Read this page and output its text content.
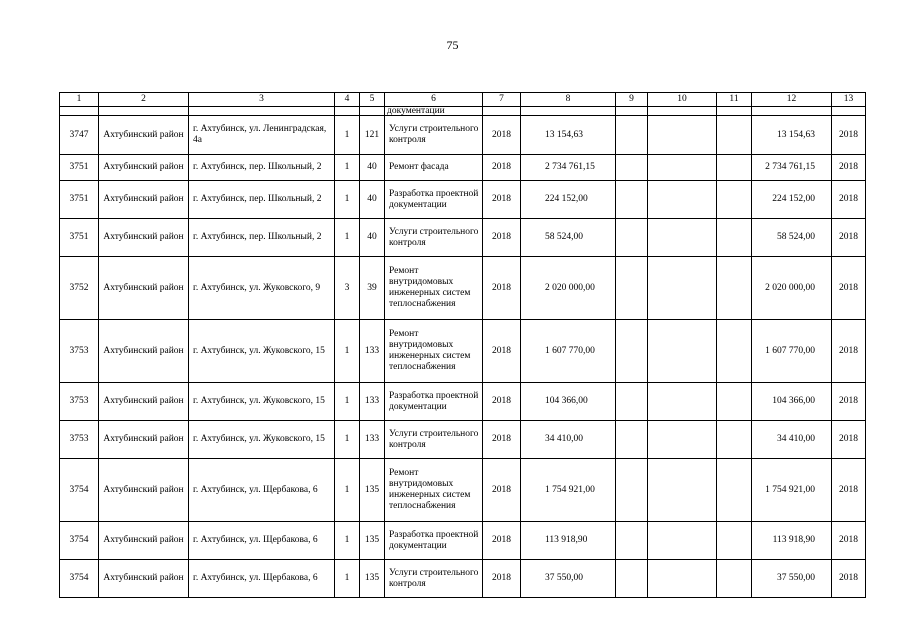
75
1	2	3	4	5	6	7	8	9	10	11	12	13
					документации							
3747	Ахтубинский район	г. Ахтубинск, ул. Ленинградская, 4а	1	121	Услуги строительного контроля	2018	13 154,63				13 154,63	2018
3751	Ахтубинский район	г. Ахтубинск, пер. Школьный, 2	1	40	Ремонт фасада	2018	2 734 761,15				2 734 761,15	2018
3751	Ахтубинский район	г. Ахтубинск, пер. Школьный, 2	1	40	Разработка проектной документации	2018	224 152,00				224 152,00	2018
3751	Ахтубинский район	г. Ахтубинск, пер. Школьный, 2	1	40	Услуги строительного контроля	2018	58 524,00				58 524,00	2018
3752	Ахтубинский район	г. Ахтубинск, ул. Жуковского, 9	3	39	Ремонт внутридомовых инженерных систем теплоснабжения	2018	2 020 000,00				2 020 000,00	2018
3753	Ахтубинский район	г. Ахтубинск, ул. Жуковского, 15	1	133	Ремонт внутридомовых инженерных систем теплоснабжения	2018	1 607 770,00				1 607 770,00	2018
3753	Ахтубинский район	г. Ахтубинск, ул. Жуковского, 15	1	133	Разработка проектной документации	2018	104 366,00				104 366,00	2018
3753	Ахтубинский район	г. Ахтубинск, ул. Жуковского, 15	1	133	Услуги строительного контроля	2018	34 410,00				34 410,00	2018
3754	Ахтубинский район	г. Ахтубинск, ул. Щербакова, 6	1	135	Ремонт внутридомовых инженерных систем теплоснабжения	2018	1 754 921,00				1 754 921,00	2018
3754	Ахтубинский район	г. Ахтубинск, ул. Щербакова, 6	1	135	Разработка проектной документации	2018	113 918,90				113 918,90	2018
3754	Ахтубинский район	г. Ахтубинск, ул. Щербакова, 6	1	135	Услуги строительного контроля	2018	37 550,00				37 550,00	2018
